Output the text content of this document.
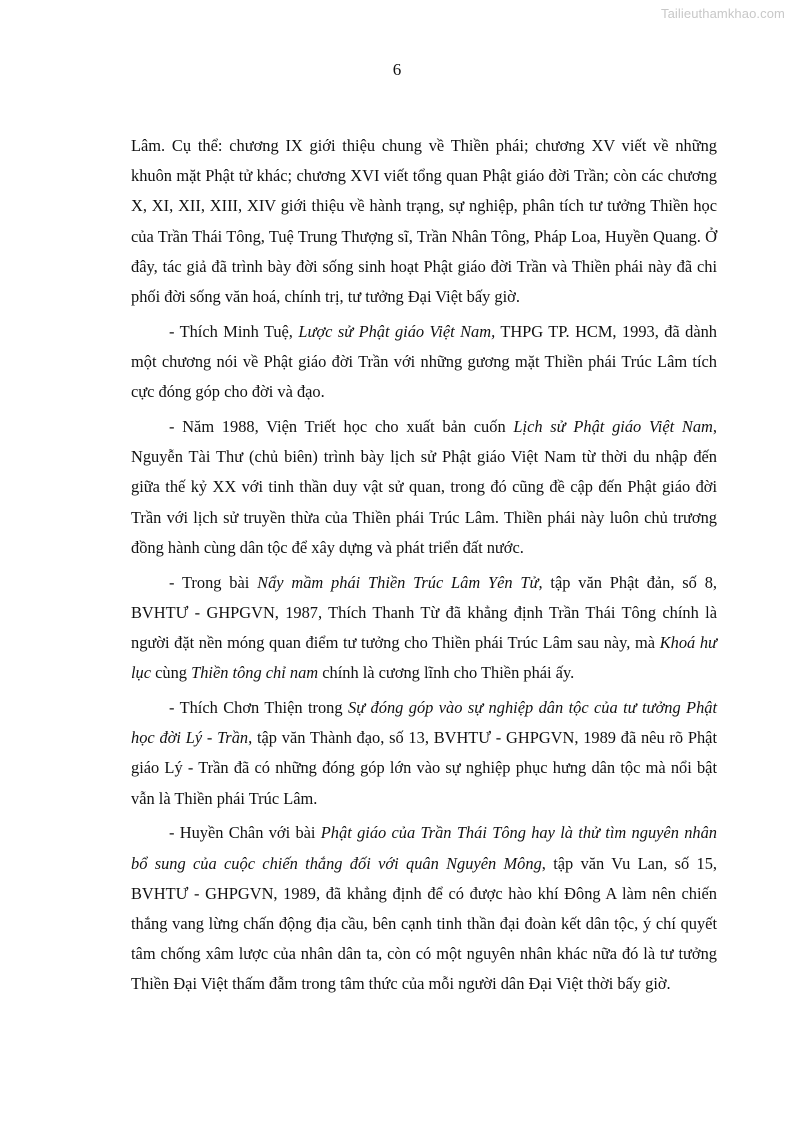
Tailieuthamkhao.com
6

Lâm. Cụ thể: chương IX giới thiệu chung về Thiền phái; chương XV viết về những khuôn mặt Phật tử khác; chương XVI viết tổng quan Phật giáo đời Trần; còn các chương X, XI, XII, XIII, XIV giới thiệu về hành trạng, sự nghiệp, phân tích tư tưởng Thiền học của Trần Thái Tông, Tuệ Trung Thượng sĩ, Trần Nhân Tông, Pháp Loa, Huyền Quang. Ở đây, tác giả đã trình bày đời sống sinh hoạt Phật giáo đời Trần và Thiền phái này đã chi phối đời sống văn hoá, chính trị, tư tưởng Đại Việt bấy giờ.

- Thích Minh Tuệ, Lược sử Phật giáo Việt Nam, THPG TP. HCM, 1993, đã dành một chương nói về Phật giáo đời Trần với những gương mặt Thiền phái Trúc Lâm tích cực đóng góp cho đời và đạo.

- Năm 1988, Viện Triết học cho xuất bản cuốn Lịch sử Phật giáo Việt Nam, Nguyễn Tài Thư (chủ biên) trình bày lịch sử Phật giáo Việt Nam từ thời du nhập đến giữa thế kỷ XX với tinh thần duy vật sử quan, trong đó cũng đề cập đến Phật giáo đời Trần với lịch sử truyền thừa của Thiền phái Trúc Lâm. Thiền phái này luôn chủ trương đồng hành cùng dân tộc để xây dựng và phát triển đất nước.

- Trong bài Nẩy mầm phái Thiền Trúc Lâm Yên Tử, tập văn Phật đản, số 8, BVHTƯ - GHPGVN, 1987, Thích Thanh Từ đã khẳng định Trần Thái Tông chính là người đặt nền móng quan điểm tư tưởng cho Thiền phái Trúc Lâm sau này, mà Khoá hư lục cùng Thiền tông chỉ nam chính là cương lĩnh cho Thiền phái ấy.

- Thích Chơn Thiện trong Sự đóng góp vào sự nghiệp dân tộc của tư tưởng Phật học đời Lý - Trần, tập văn Thành đạo, số 13, BVHTƯ - GHPGVN, 1989 đã nêu rõ Phật giáo Lý - Trần đã có những đóng góp lớn vào sự nghiệp phục hưng dân tộc mà nổi bật vẫn là Thiền phái Trúc Lâm.

- Huyền Chân với bài Phật giáo của Trần Thái Tông hay là thử tìm nguyên nhân bổ sung của cuộc chiến thắng đối với quân Nguyên Mông, tập văn Vu Lan, số 15, BVHTƯ - GHPGVN, 1989, đã khẳng định để có được hào khí Đông A làm nên chiến thắng vang lừng chấn động địa cầu, bên cạnh tinh thần đại đoàn kết dân tộc, ý chí quyết tâm chống xâm lược của nhân dân ta, còn có một nguyên nhân khác nữa đó là tư tưởng Thiền Đại Việt thấm đẫm trong tâm thức của mỗi người dân Đại Việt thời bấy giờ.
